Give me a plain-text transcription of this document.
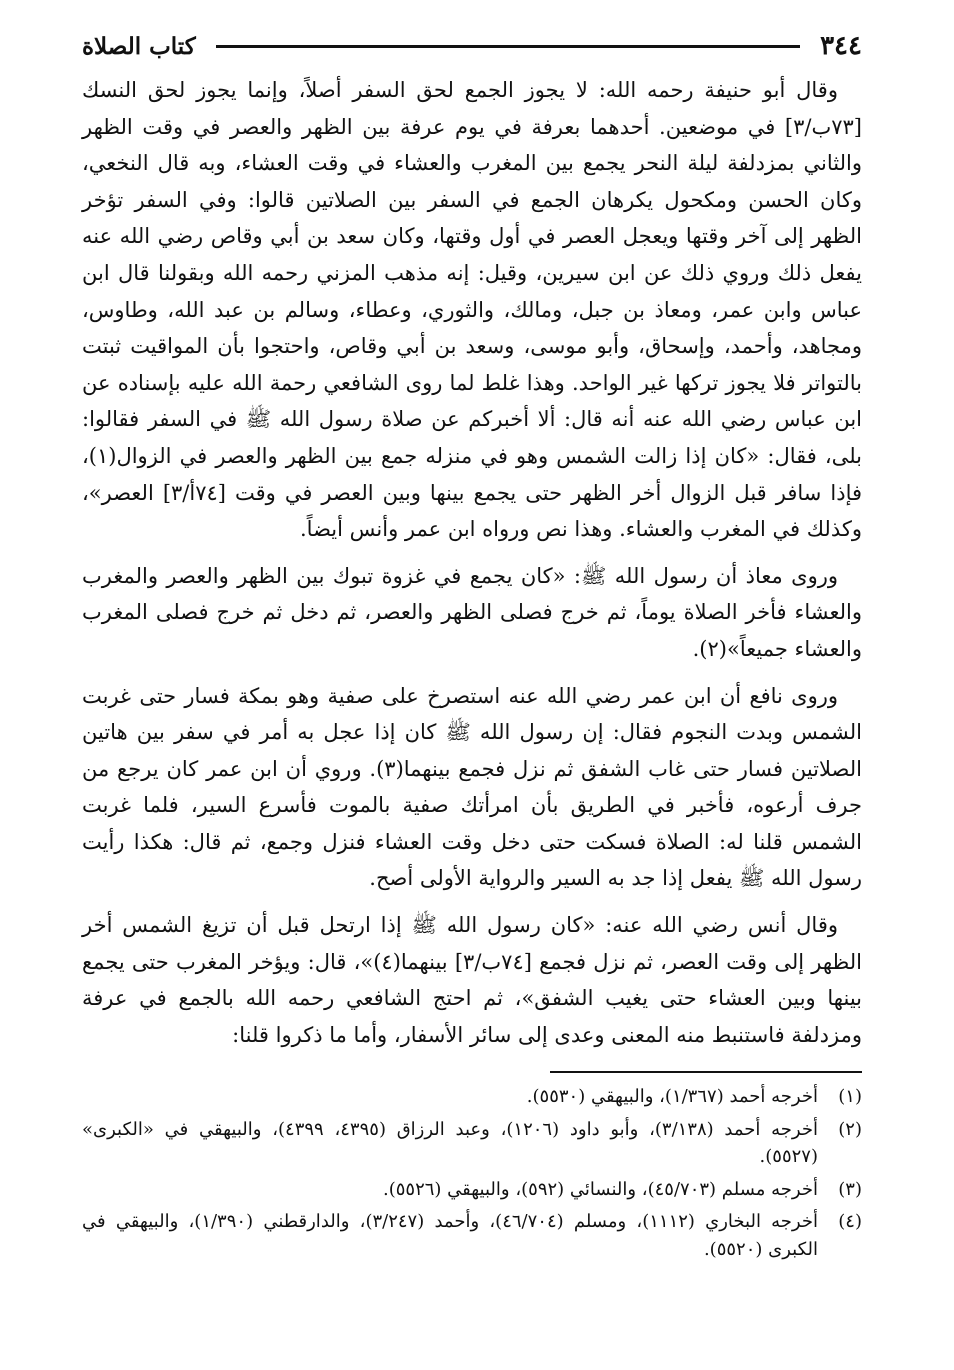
٣٤٤
كتاب الصلاة

وقال أبو حنيفة رحمه الله: لا يجوز الجمع لحق السفر أصلاً، وإنما يجوز لحق النسك [٧٣ب/٣] في موضعين. أحدهما بعرفة في يوم عرفة بين الظهر والعصر في وقت الظهر والثاني بمزدلفة ليلة النحر يجمع بين المغرب والعشاء في وقت العشاء، وبه قال النخعي، وكان الحسن ومكحول يكرهان الجمع في السفر بين الصلاتين قالوا: وفي السفر تؤخر الظهر إلى آخر وقتها ويعجل العصر في أول وقتها، وكان سعد بن أبي وقاص رضي الله عنه يفعل ذلك وروي ذلك عن ابن سيرين، وقيل: إنه مذهب المزني رحمه الله وبقولنا قال ابن عباس وابن عمر، ومعاذ بن جبل، ومالك، والثوري، وعطاء، وسالم بن عبد الله، وطاوس، ومجاهد، وأحمد، وإسحاق، وأبو موسى، وسعد بن أبي وقاص، واحتجوا بأن المواقيت ثبتت بالتواتر فلا يجوز تركها غير الواحد. وهذا غلط لما روى الشافعي رحمة الله عليه بإسناده عن ابن عباس رضي الله عنه أنه قال: ألا أخبركم عن صلاة رسول الله ﷺ في السفر فقالوا: بلى، فقال: «كان إذا زالت الشمس وهو في منزله جمع بين الظهر والعصر في الزوال(١)، فإذا سافر قبل الزوال أخر الظهر حتى يجمع بينها وبين العصر في وقت [٧٤أ/٣] العصر»، وكذلك في المغرب والعشاء. وهذا نص ورواه ابن عمر وأنس أيضاً.

وروى معاذ أن رسول الله ﷺ: «كان يجمع في غزوة تبوك بين الظهر والعصر والمغرب والعشاء فأخر الصلاة يوماً، ثم خرج فصلى الظهر والعصر، ثم دخل ثم خرج فصلى المغرب والعشاء جميعاً»(٢).

وروى نافع أن ابن عمر رضي الله عنه استصرخ على صفية وهو بمكة فسار حتى غربت الشمس وبدت النجوم فقال: إن رسول الله ﷺ كان إذا عجل به أمر في سفر بين هاتين الصلاتين فسار حتى غاب الشفق ثم نزل فجمع بينهما(٣). وروي أن ابن عمر كان يرجع من جرف أرعوه، فأخبر في الطريق بأن امرأتك صفية بالموت فأسرع السير، فلما غربت الشمس قلنا له: الصلاة فسكت حتى دخل وقت العشاء فنزل وجمع، ثم قال: هكذا رأيت رسول الله ﷺ يفعل إذا جد به السير والرواية الأولى أصح.

وقال أنس رضي الله عنه: «كان رسول الله ﷺ إذا ارتحل قبل أن تزيغ الشمس أخر الظهر إلى وقت العصر، ثم نزل فجمع [٧٤ب/٣] بينهما(٤)»، قال: ويؤخر المغرب حتى يجمع بينها وبين العشاء حتى يغيب الشفق»، ثم احتج الشافعي رحمه الله بالجمع في عرفة ومزدلفة فاستنبط منه المعنى وعدى إلى سائر الأسفار، وأما ما ذكروا قلنا:

(١)
أخرجه أحمد (١/٣٦٧)، والبيهقي (٥٥٣٠).
(٢)
أخرجه أحمد (٣/١٣٨)، وأبو داود (١٢٠٦)، وعبد الرزاق (٤٣٩٥، ٤٣٩٩)، والبيهقي في «الكبرى» (٥٥٢٧).
(٣)
أخرجه مسلم (٤٥/٧٠٣)، والنسائي (٥٩٢)، والبيهقي (٥٥٢٦).
(٤)
أخرجه البخاري (١١١٢)، ومسلم (٤٦/٧٠٤)، وأحمد (٣/٢٤٧)، والدارقطني (١/٣٩٠)، والبيهقي في الكبرى (٥٥٢٠).
